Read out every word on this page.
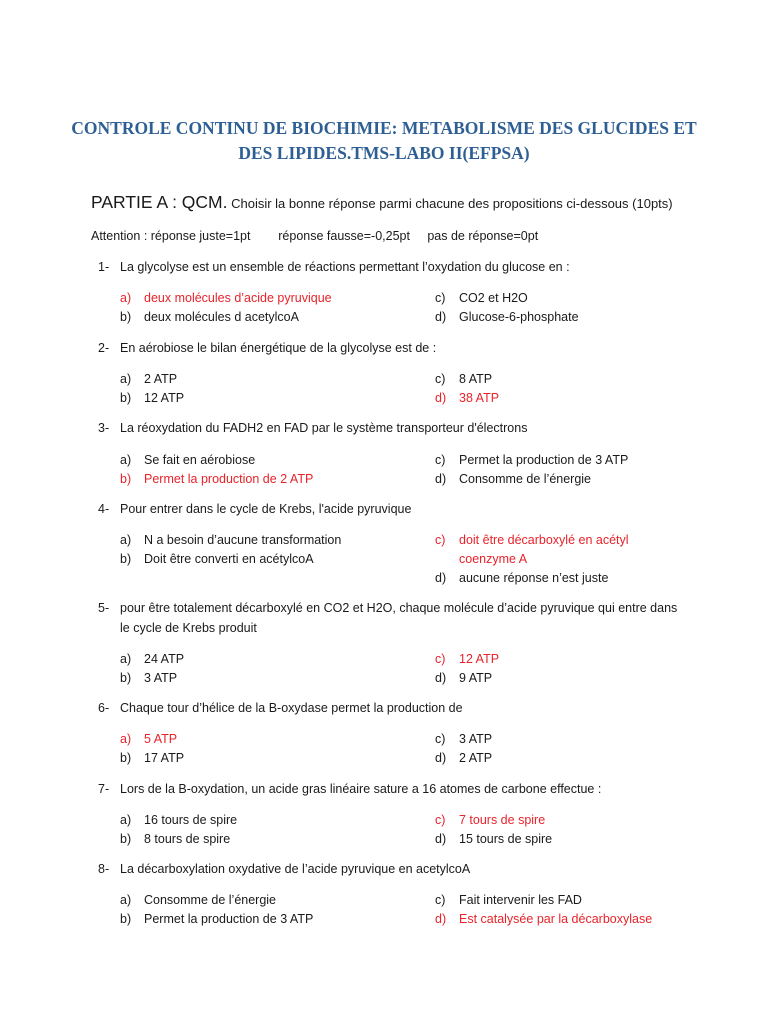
CONTROLE CONTINU DE BIOCHIMIE: METABOLISME DES GLUCIDES ET
DES LIPIDES.TMS-LABO II(EFPSA)
PARTIE A : QCM. Choisir la bonne réponse parmi chacune des propositions ci-dessous (10pts)
Attention : réponse juste=1pt        réponse fausse=-0,25pt     pas de réponse=0pt
1- La glycolyse est un ensemble de réactions permettant l’oxydation du glucose en :
a) deux molécules d’acide pyruvique
b) deux molécules d acetylcoA
c) CO2 et H2O
d) Glucose-6-phosphate
2- En aérobiose le bilan énergétique de la glycolyse est de :
a) 2 ATP
b) 12 ATP
c) 8 ATP
d) 38 ATP
3- La réoxydation du FADH2 en FAD par le système transporteur d'électrons
a) Se fait en aérobiose
b) Permet la production de 2 ATP
c) Permet la production de 3 ATP
d) Consomme de l’énergie
4- Pour entrer dans le cycle de Krebs, l'acide pyruvique
a) N a besoin d’aucune transformation
b) Doit être converti en acétylcoA
c) doit être décarboxylé en acétyl coenzyme A
d) aucune réponse n’est juste
5- pour être totalement décarboxylé en CO2 et H2O, chaque molécule d’acide pyruvique qui entre dans le cycle de Krebs produit
a) 24 ATP
b) 3 ATP
c) 12 ATP
d) 9 ATP
6- Chaque tour d’hélice de la B-oxydase permet la production de
a) 5 ATP
b) 17 ATP
c) 3 ATP
d) 2 ATP
7- Lors de la B-oxydation, un acide gras linéaire sature a 16 atomes de carbone effectue :
a) 16 tours de spire
b) 8 tours de spire
c) 7 tours de spire
d) 15 tours de spire
8- La décarboxylation oxydative de l’acide pyruvique en acetylcoA
a) Consomme de l’énergie
b) Permet la production de 3 ATP
c) Fait intervenir les FAD
d) Est catalysée par la décarboxylase
